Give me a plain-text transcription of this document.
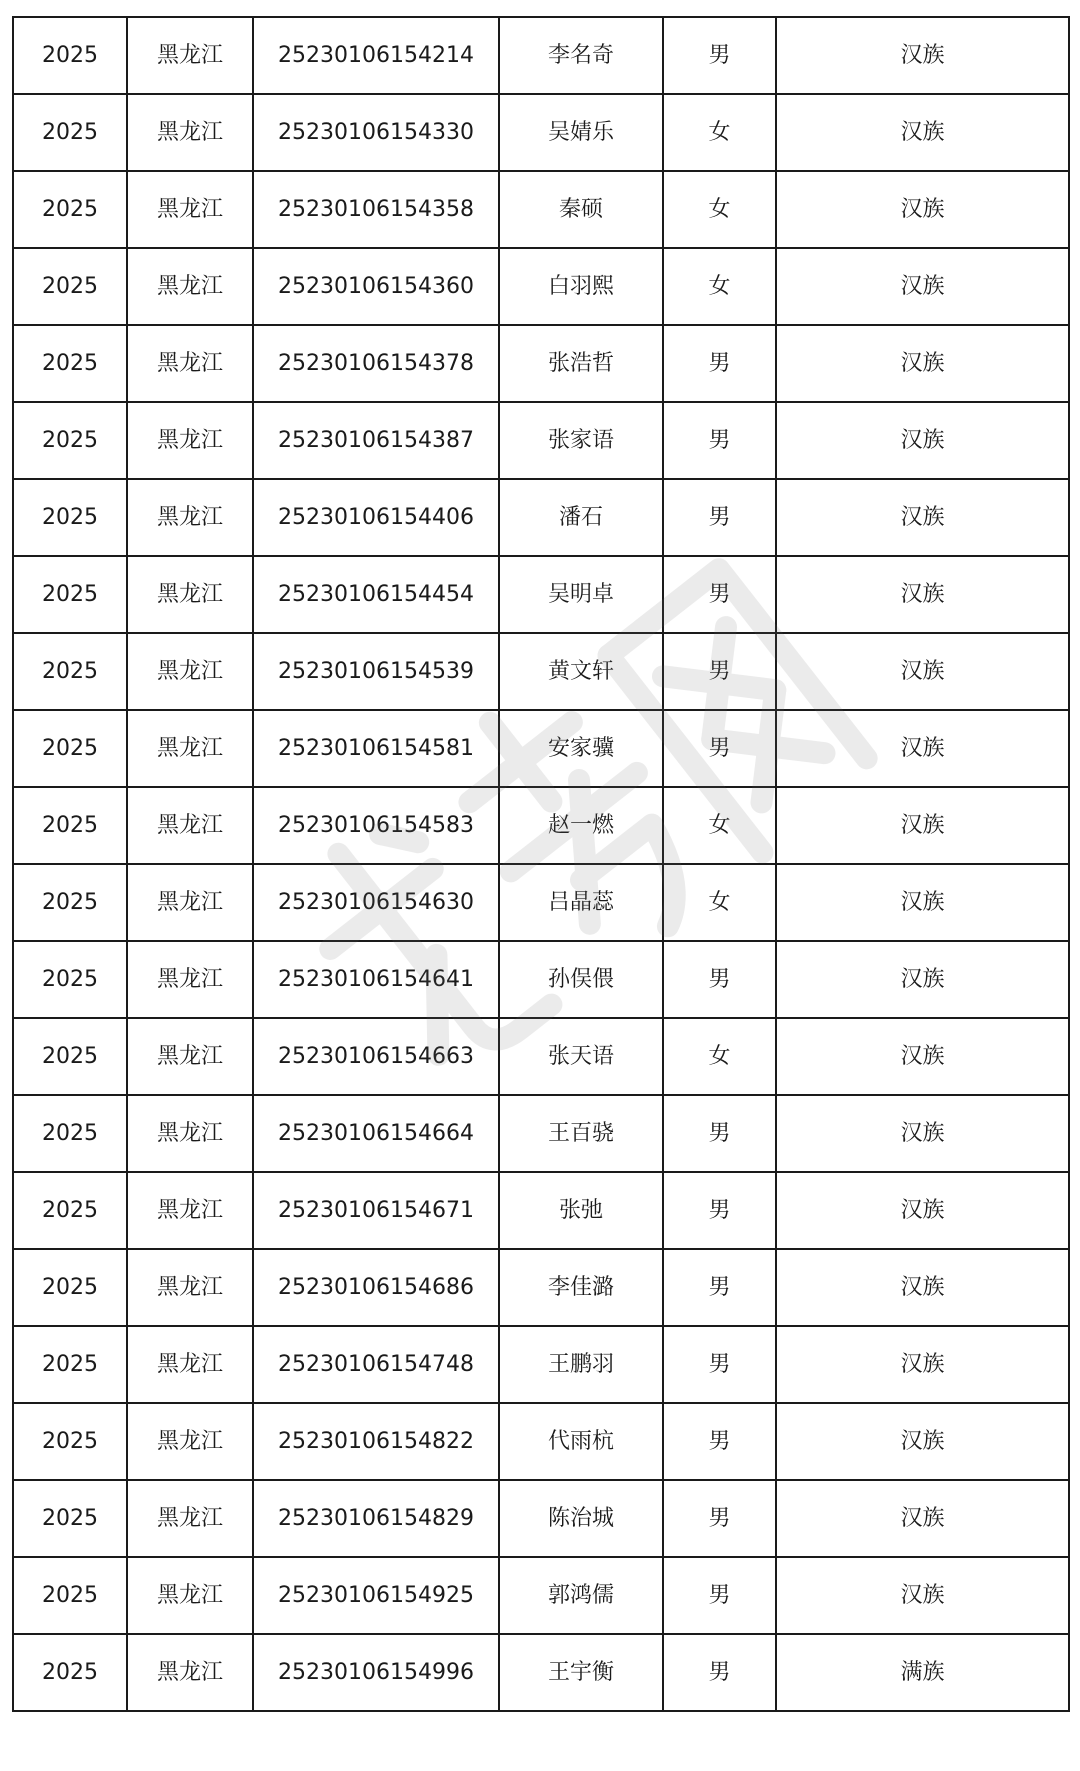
2025	黑龙江	25230106154214	李名奇	男	汉族
2025	黑龙江	25230106154330	吴婧乐	女	汉族
2025	黑龙江	25230106154358	秦硕	女	汉族
2025	黑龙江	25230106154360	白羽熙	女	汉族
2025	黑龙江	25230106154378	张浩哲	男	汉族
2025	黑龙江	25230106154387	张家语	男	汉族
2025	黑龙江	25230106154406	潘石	男	汉族
2025	黑龙江	25230106154454	吴明卓	男	汉族
2025	黑龙江	25230106154539	黄文轩	男	汉族
2025	黑龙江	25230106154581	安家骥	男	汉族
2025	黑龙江	25230106154583	赵一燃	女	汉族
2025	黑龙江	25230106154630	吕晶蕊	女	汉族
2025	黑龙江	25230106154641	孙俣偎	男	汉族
2025	黑龙江	25230106154663	张天语	女	汉族
2025	黑龙江	25230106154664	王百骁	男	汉族
2025	黑龙江	25230106154671	张弛	男	汉族
2025	黑龙江	25230106154686	李佳潞	男	汉族
2025	黑龙江	25230106154748	王鹏羽	男	汉族
2025	黑龙江	25230106154822	代雨杭	男	汉族
2025	黑龙江	25230106154829	陈治城	男	汉族
2025	黑龙江	25230106154925	郭鸿儒	男	汉族
2025	黑龙江	25230106154996	王宇衡	男	满族
